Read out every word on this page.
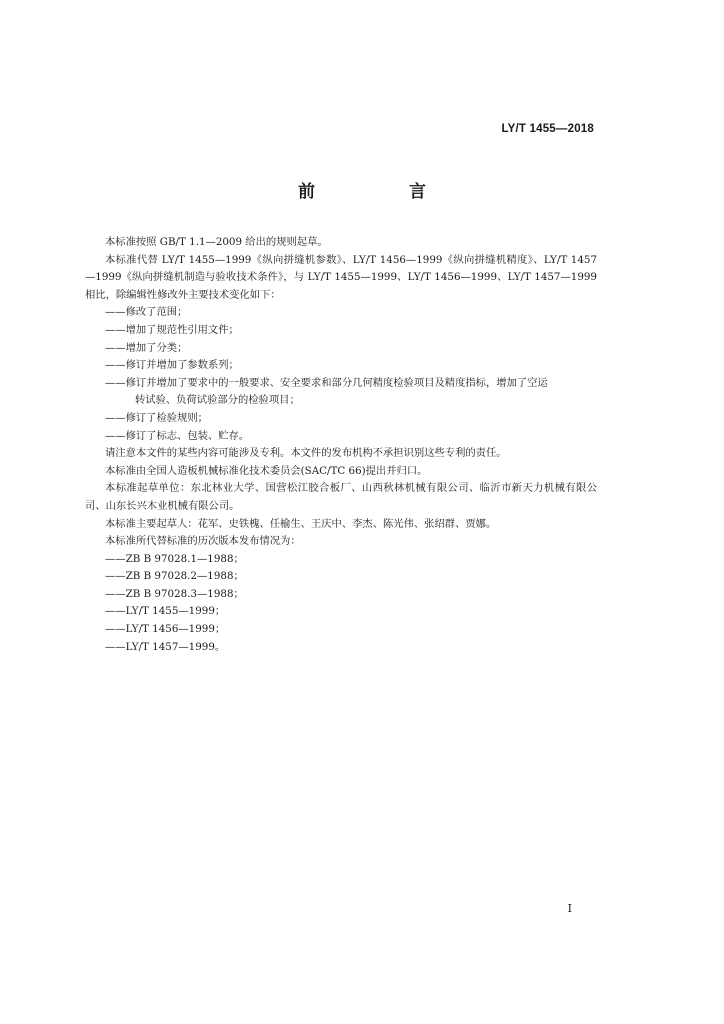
LY/T 1455—2018
前 言

本标准按照 GB/T 1.1—2009 给出的规则起草。

本标准代替 LY/T 1455—1999《纵向拼缝机参数》、LY/T 1456—1999《纵向拼缝机精度》、LY/T 1457—1999《纵向拼缝机制造与验收技术条件》，与 LY/T 1455—1999、LY/T 1456—1999、LY/T 1457—1999 相比，除编辑性修改外主要技术变化如下：

——修改了范围；

——增加了规范性引用文件；

——增加了分类；

——修订并增加了参数系列；

——修订并增加了要求中的一般要求、安全要求和部分几何精度检验项目及精度指标，增加了空运
转试验、负荷试验部分的检验项目；

——修订了检验规则；

——修订了标志、包装、贮存。

请注意本文件的某些内容可能涉及专利。本文件的发布机构不承担识别这些专利的责任。

本标准由全国人造板机械标准化技术委员会(SAC/TC 66)提出并归口。

本标准起草单位：东北林业大学、国营松江胶合板厂、山西秋林机械有限公司、临沂市新天力机械有限公司、山东长兴木业机械有限公司。

本标准主要起草人：花军、史铁槐、任榆生、王庆中、李杰、陈光伟、张绍群、贾娜。

本标准所代替标准的历次版本发布情况为：

——ZB B 97028.1—1988；

——ZB B 97028.2—1988；

——ZB B 97028.3—1988；

——LY/T 1455—1999；

——LY/T 1456—1999；

——LY/T 1457—1999。

I
